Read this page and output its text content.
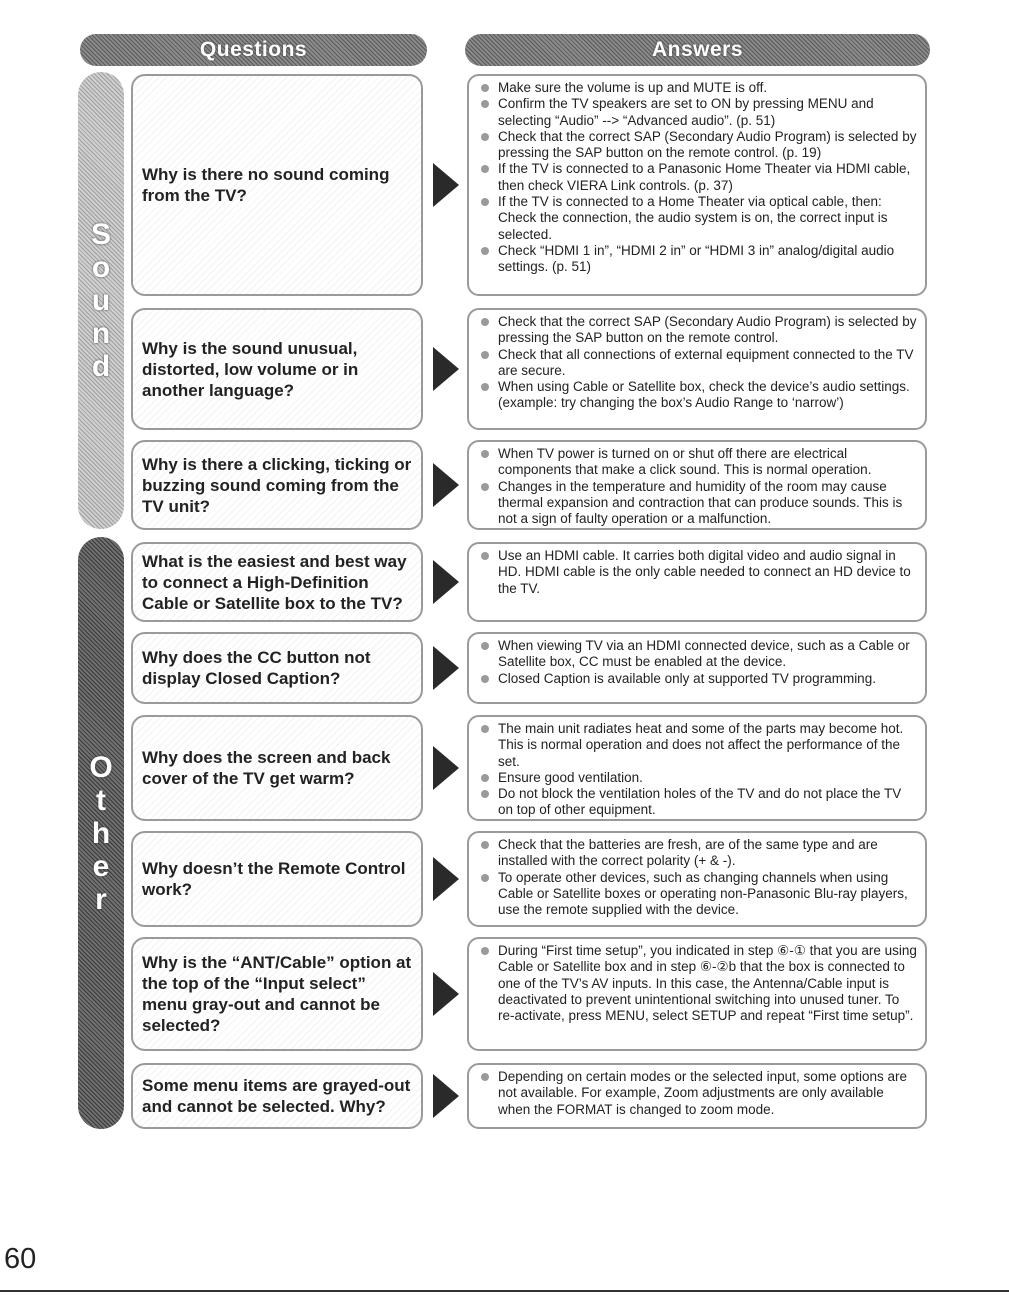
Questions	Answers
S
o
u
n
d
O
t
h
e
r
Why is there no sound coming from the TV?
Make sure the volume is up and MUTE is off.
Confirm the TV speakers are set to ON by pressing MENU and selecting “Audio” --> “Advanced audio”. (p. 51)
Check that the correct SAP (Secondary Audio Program) is selected by pressing the SAP button on the remote control. (p. 19)
If the TV is connected to a Panasonic Home Theater via HDMI cable, then check VIERA Link controls. (p. 37)
If the TV is connected to a Home Theater via optical cable, then: Check the connection, the audio system is on, the correct input is selected.
Check “HDMI 1 in”, “HDMI 2 in” or “HDMI 3 in” analog/digital audio settings. (p. 51)
Why is the sound unusual, distorted, low volume or in another language?
Check that the correct SAP (Secondary Audio Program) is selected by pressing the SAP button on the remote control.
Check that all connections of external equipment connected to the TV are secure.
When using Cable or Satellite box, check the device’s audio settings. (example: try changing the box’s Audio Range to ‘narrow’)
Why is there a clicking, ticking or buzzing sound coming from the TV unit?
When TV power is turned on or shut off there are electrical components that make a click sound. This is normal operation.
Changes in the temperature and humidity of the room may cause thermal expansion and contraction that can produce sounds. This is not a sign of faulty operation or a malfunction.
What is the easiest and best way to connect a High-Definition Cable or Satellite box to the TV?
Use an HDMI cable. It carries both digital video and audio signal in HD. HDMI cable is the only cable needed to connect an HD device to the TV.
Why does the CC button not display Closed Caption?
When viewing TV via an HDMI connected device, such as a Cable or Satellite box, CC must be enabled at the device.
Closed Caption is available only at supported TV programming.
Why does the screen and back cover of the TV get warm?
The main unit radiates heat and some of the parts may become hot. This is normal operation and does not affect the performance of the set.
Ensure good ventilation.
Do not block the ventilation holes of the TV and do not place the TV on top of other equipment.
Why doesn’t the Remote Control work?
Check that the batteries are fresh, are of the same type and are installed with the correct polarity (+ & -).
To operate other devices, such as changing channels when using Cable or Satellite boxes or operating non-Panasonic Blu-ray players, use the remote supplied with the device.
Why is the “ANT/Cable” option at the top of the “Input select” menu gray-out and cannot be selected?
During “First time setup”, you indicated in step ⑥-① that you are using Cable or Satellite box and in step ⑥-②b that the box is connected to one of the TV’s AV inputs. In this case, the Antenna/Cable input is deactivated to prevent unintentional switching into unused tuner. To re-activate, press MENU, select SETUP and repeat “First time setup”.
Some menu items are grayed-out and cannot be selected. Why?
Depending on certain modes or the selected input, some options are not available. For example, Zoom adjustments are only available when the FORMAT is changed to zoom mode.
60
